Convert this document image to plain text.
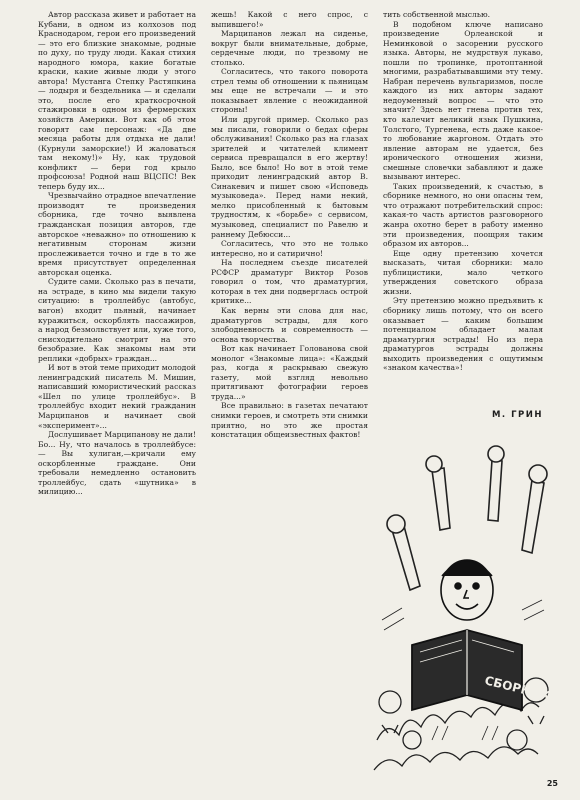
Автор рассказа живет и работает на Кубани, в одном из колхозов под Краснодаром, герои его произведений — это его близкие знакомые, родные по духу, по труду люди. Какая стихия народного юмора, какие богатые краски, какие живые люди у этого автора! Мустанга Степку Растяпкина — лодыря и бездельника — и сделали это, после его краткосрочной стажировки в одном из фермерских хозяйств Америки. Вот как об этом говорят сам персонаж: «Да две месяца работы для отдыха не дали! (Курнули заморские!) И жаловаться там некому!)» Ну, как трудовой конфликт — бери год крыло профсоюза! Родной наш ВЦСПС! Век теперь буду их...

Чрезвычайно отрадное впечатление производят те произведения сборника, где точно выявлена гражданская позиция авторов, где авторское «неважно» по отношению к негативным сторонам жизни прослеживается точно и где в то же время присутствует определенная авторская оценка.

Судите сами. Сколько раз в печати, на эстраде, в кино мы видели такую ситуацию: в троллейбус (автобус, вагон) входит пьяный, начинает куражиться, оскорблять пассажиров, а народ безмолвствует или, хуже того, снисходительно смотрит на это безобразие. Как знакомы нам эти реплики «добрых» граждан...

И вот в этой теме приходит молодой ленинградский писатель М. Мишин, написавший юмористический рассказ «Шел по улице троллейбус». В троллейбус входит некий гражданин Марципанов и начинает свой «эксперимент»...

Дослушивает Марципанову не дали! Бо... Ну, что началось в троллейбусе: — Вы хулиган,—кричали ему оскорбленные граждане. Они требовали немедленно остановить троллейбус, сдать «шутника» в милицию...

жешь! Какой с него спрос, с выпившего!»

Марципанов лежал на сиденье, вокруг были внимательные, добрые, сердечные люди, по трезвому не столько.

Согласитесь, что такого поворота стрел темы об отношении к пьяницам мы еще не встречали — и это показывает явление с неожиданной стороны!

Или другой пример. Сколько раз мы писали, говорили о бедах сферы обслуживания! Сколько раз на глазах зрителей и читателей климент сервиса превращался в его жертву! Было, все было! Но вот в этой теме приходит ленинградский автор В. Синакевич и пишет свою «Исповедь музыковеда». Перед нами некий, мелко присобленный к бытовым трудностям, к «борьбе» с сервисом, музыковед, специалист по Равелю и раннему Дебюсси...

Согласитесь, что это не только интересно, но и сатирично!

На последнем съезде писателей РСФСР драматург Виктор Розов говорил о том, что драматургия, которая в тех дни подверглась острой критике...

Как верны эти слова для нас, драматургов эстрады, для кого злободневность и современность — основа творчества.

Вот как начинает Голованова свой монолог «Знакомые лица»: «Каждый раз, когда я раскрываю свежую газету, мой взгляд невольно притягивают фотографии героев труда...»

Все правильно: в газетах печатают снимки героев, и смотреть эти снимки приятно, но это же простая констатация общеизвестных фактов!

тить собственной мыслью.

В подобном ключе написано произведение Орлеанской и Неминковой о засорении русского языка. Авторы, не мудрствуя лукаво, пошли по тропинке, протоптанной многими, разрабатывавшими эту тему. Набран перечень вульгаризмов, после каждого из них авторы задают недоуменный вопрос — что это значит? Здесь нет гнева против тех, кто калечит великий язык Пушкина, Толстого, Тургенева, есть даже какое-то любование жаргоном. Отдать это явление авторам не удается, без иронического отношения жизни, смешные словечки забавляют и даже вызывают интерес.

Таких произведений, к счастью, в сборнике немного, но они опасны тем, что отражают потребительский спрос: какая-то часть артистов разговорного жанра охотно берет в работу именно эти произведения, поощряя таким образом их авторов...

Еще одну претензию хочется высказать, читая сборники: мало публицистики, мало четкого утверждения советского образа жизни.

Эту претензию можно предъявить к сборнику лишь потому, что он всего оказывает — каким большим потенциалом обладает малая драматургия эстрады! Но из пера драматургов эстрады должны выходить произведения с ощутимым «знаком качества»!

М. ГРИН
СБОРНИК
25
